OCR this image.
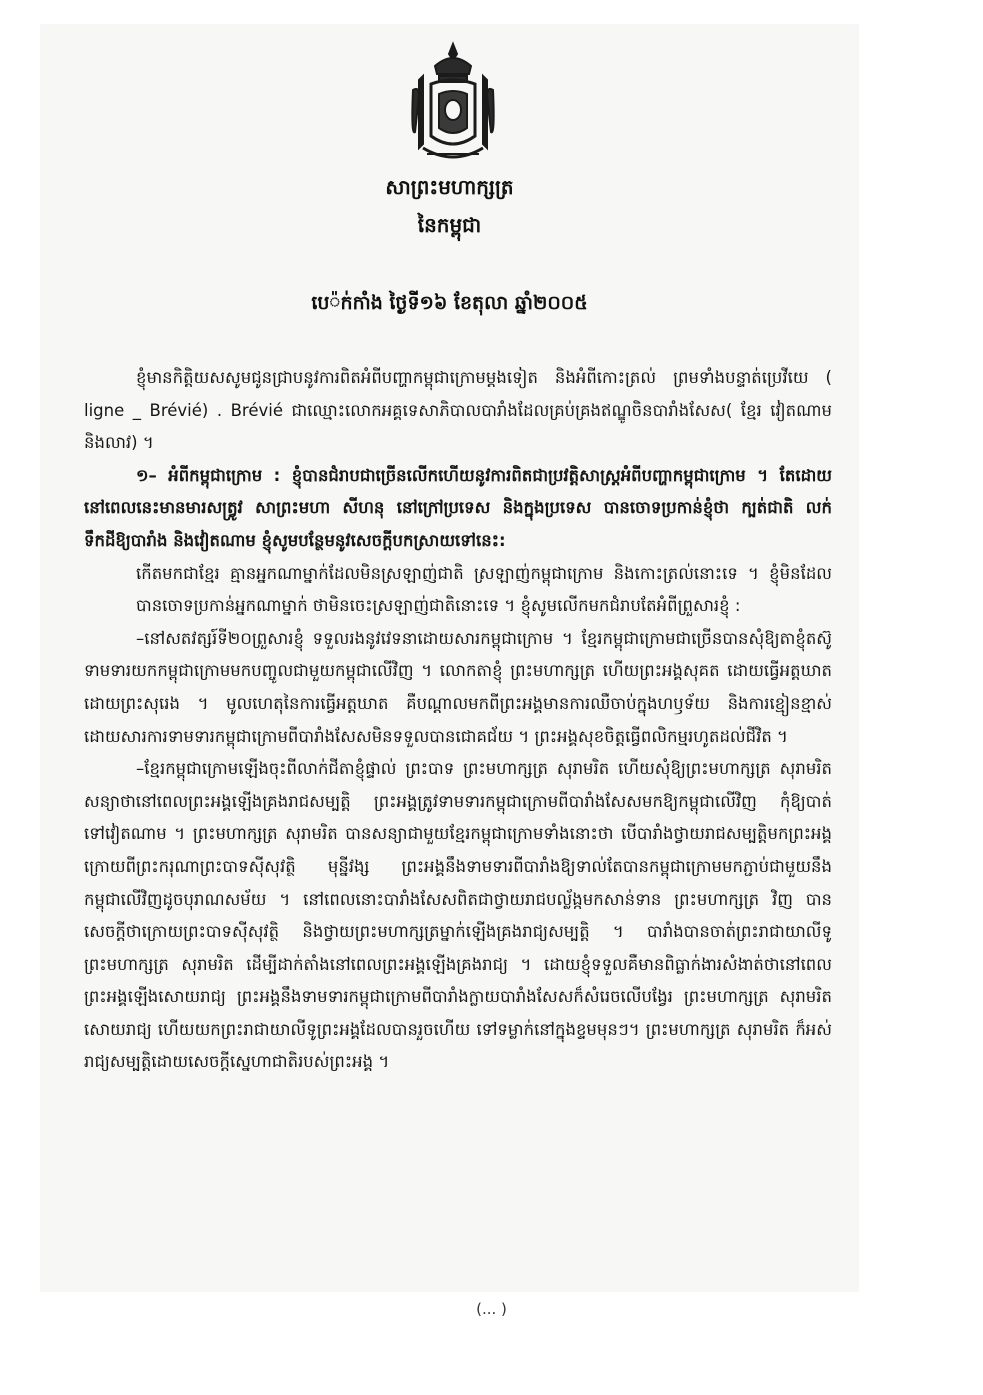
សាព្រះមហាក្សត្រ
នៃកម្ពុជា
បេ៉ក់កាំង ថ្ងៃទី១៦ ខែតុលា ឆ្នាំ២០០៥

ខ្ញុំមានកិត្តិយសសូមជូនជ្រាបនូវការពិតអំពីបញ្ហាកម្ពុជាក្រោមម្តងទៀត និងអំពីកោះត្រល់ ព្រមទាំងបន្ទាត់ប្រេវីយេ ( ligne _ Brévié) . Brévié ជាឈ្មោះលោកអគ្គទេសាភិបាលបារាំងដែលគ្រប់គ្រងឥណ្ឌូចិនបារាំងសែស( ខ្មែរ វៀតណាម និងលាវ) ។

១– អំពីកម្ពុជាក្រោម : ខ្ញុំបានជំរាបជាច្រើនលើកហើយនូវការពិតជាប្រវត្តិសាស្ត្រអំពីបញ្ហាកម្ពុជាក្រោម ។ តែដោយនៅពេលនេះមានមារសត្វ្រូវ សាព្រះមហា សីហនុ នៅក្រៅប្រទេស និងក្នុងប្រទេស បានចោទប្រកាន់ខ្ញុំថា ក្បត់ជាតិ លក់ទឹកដីឱ្យបារាំង និងវៀតណាម ខ្ញុំសូមបន្ថែមនូវសេចក្តីបកស្រាយទៅនេះ:

កើតមកជាខ្មែរ គ្មានអ្នកណាម្នាក់ដែលមិនស្រឡាញ់ជាតិ ស្រឡាញ់កម្ពុជាក្រោម និងកោះត្រល់នោះទេ ។ ខ្ញុំមិនដែលបានចោទប្រកាន់អ្នកណាម្នាក់ ថាមិនចេះស្រឡាញ់ជាតិនោះទេ ។ ខ្ញុំសូមលើកមកជំរាបតែអំពីព្រួសារខ្ញុំ :

–នៅសតវត្សរ៍ទី២០ព្រួសារខ្ញុំ ទទួលរងនូវវេទនាដោយសារកម្ពុជាក្រោម ។ ខ្មែរកម្ពុជាក្រោមជាច្រើនបានសុំឱ្យតាខ្ញុំតស៊ូទាមទារយកកម្ពុជាក្រោមមកបញ្ចូលជាមួយកម្ពុជាលើវិញ ។ លោកតាខ្ញុំ ព្រះមហាក្សត្រ ហើយព្រះអង្គសុគត ដោយធ្វើអត្តឃាតដោយព្រះសុរេង ។ មូលហេតុនៃការធ្វើអត្តឃាត គឺបណ្តាលមកពីព្រះអង្គមានការឈឺចាប់ក្នុងហឫទ័យ និងការខ្មៀនខ្មាស់ដោយសារការទាមទារកម្ពុជាក្រោមពីបារាំងសែសមិនទទួលបានជោគជ័យ ។ ព្រះអង្គសុខចិត្តធ្វើពលិកម្មរហូតដល់ជីវិត ។

–ខ្មែរកម្ពុជាក្រោមឡើងចុះពីលាក់ជីតាខ្ញុំផ្ទាល់ ព្រះបាទ ព្រះមហាក្សត្រ សុរាមរិត ហើយសុំឱ្យព្រះមហាក្សត្រ សុរាមរិត សន្យាថានៅពេលព្រះអង្គឡើងគ្រងរាជសម្បត្តិ ព្រះអង្គត្រូវទាមទារកម្ពុជាក្រោមពីបារាំងសែសមកឱ្យកម្ពុជាលើវិញ កុំឱ្យបាត់ទៅវៀតណាម ។ ព្រះមហាក្សត្រ សុរាមរិត បានសន្យាជាមួយខ្មែរកម្ពុជាក្រោមទាំងនោះថា បើបារាំងថ្វាយរាជសម្បត្តិមកព្រះអង្គ ក្រោយពីព្រះករុណាព្រះបាទស៊ីសុវត្ថិ មុន្នីវង្ស ព្រះអង្គនឹងទាមទារពីបារាំងឱ្យទាល់តែបានកម្ពុជាក្រោមមកភ្ជាប់ជាមួយនឹងកម្ពុជាលើវិញដូចបុរាណសម័យ ។ នៅពេលនោះបារាំងសែសពិតជាថ្វាយរាជបល្ល័ង្កមកសាន់ទាន ព្រះមហាក្សត្រ វិញ បានសេចក្តីថាក្រោយព្រះបាទស៊ីសុវត្ថិ និងថ្វាយព្រះមហាក្សត្រម្នាក់ឡើងគ្រងរាជ្យសម្បត្តិ ។ បារាំងបានចាត់ព្រះរាជាយាលីទូ ព្រះមហាក្សត្រ សុរាមរិត ដើម្បីដាក់តាំងនៅពេលព្រះអង្គឡើងគ្រងរាជ្យ ។ ដោយខ្ញុំទទួលគឺមានពិធ្លាក់ងារសំងាត់ថានៅពេលព្រះអង្គឡើងសោយរាជ្យ ព្រះអង្គនឹងទាមទារកម្ពុជាក្រោមពីបារាំងក្លាយបារាំងសែសក៏សំរេចលើបង្វែរ ព្រះមហាក្សត្រ សុរាមរិត សោយរាជ្យ ហើយយកព្រះរាជាយាលីទូព្រះអង្គដែលបានរួចហើយ ទៅទម្លាក់នៅក្នុងខ្ទមមុនៗ។ ព្រះមហាក្សត្រ សុរាមរិត ក៏អស់រាជ្យសម្បត្តិដោយសេចក្តីស្នេហាជាតិរបស់ព្រះអង្គ ។

(... )
